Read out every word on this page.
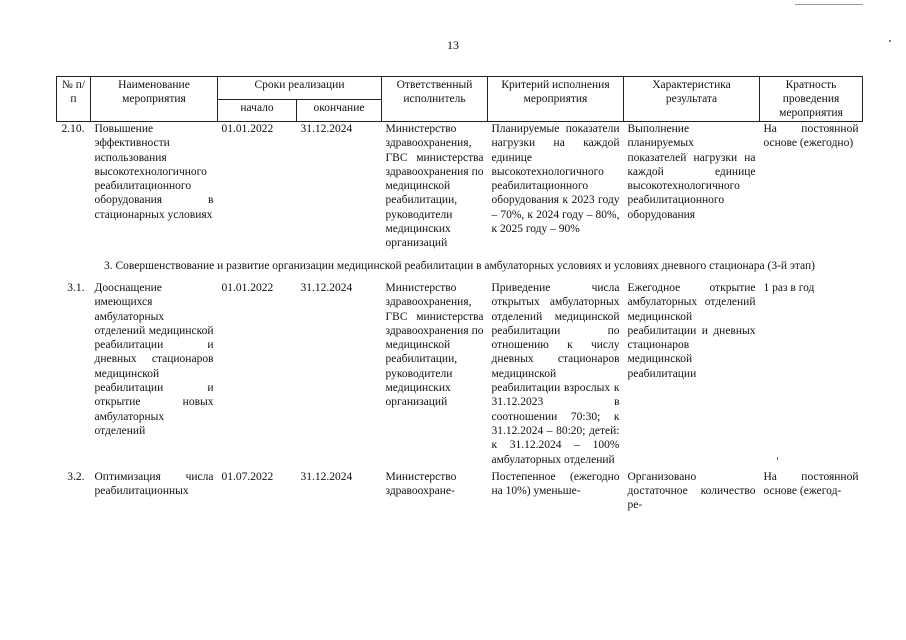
13
№ п/п	Наименование мероприятия	Сроки реализации		Ответственный исполнитель	Критерий исполнения мероприятия	Характеристика результата	Кратность проведения мероприятия
		начало	окончание				
2.10.	Повышение эффективности использования высокотехнологичного реабилитационного оборудования в стационарных условиях	01.01.2022	31.12.2024	Министерство здравоохранения, ГВС министерства здравоохранения по медицинской реабилитации, руководители медицинских организаций	Планируемые показатели нагрузки на каждой единице высокотехнологичного реабилитационного оборудования к 2023 году – 70%, к 2024 году – 80%, к 2025 году – 90%	Выполнение планируемых показателей нагрузки на каждой единице высокотехнологичного реабилитационного оборудования	На постоянной основе (ежегодно)
3. Совершенствование и развитие организации медицинской реабилитации в амбулаторных условиях и условиях дневного стационара (3-й этап)							
3.1.	Дооснащение имеющихся амбулаторных отделений медицинской реабилитации и дневных стационаров медицинской реабилитации и открытие новых амбулаторных отделений	01.01.2022	31.12.2024	Министерство здравоохранения, ГВС министерства здравоохранения по медицинской реабилитации, руководители медицинских организаций	Приведение числа открытых амбулаторных отделений медицинской реабилитации по отношению к числу дневных стационаров медицинской реабилитации взрослых к 31.12.2023 в соотношении 70:30; к 31.12.2024 – 80:20; детей: к 31.12.2024 – 100% амбулаторных отделений	Ежегодное открытие амбулаторных отделений медицинской реабилитации и дневных стационаров медицинской реабилитации	1 раз в год
3.2.	Оптимизация числа реабилитационных	01.07.2022	31.12.2024	Министерство здравоохране-	Постепенное (ежегодно на 10%) уменьше-	Организовано достаточное количество ре-	На постоянной основе (ежегод-
